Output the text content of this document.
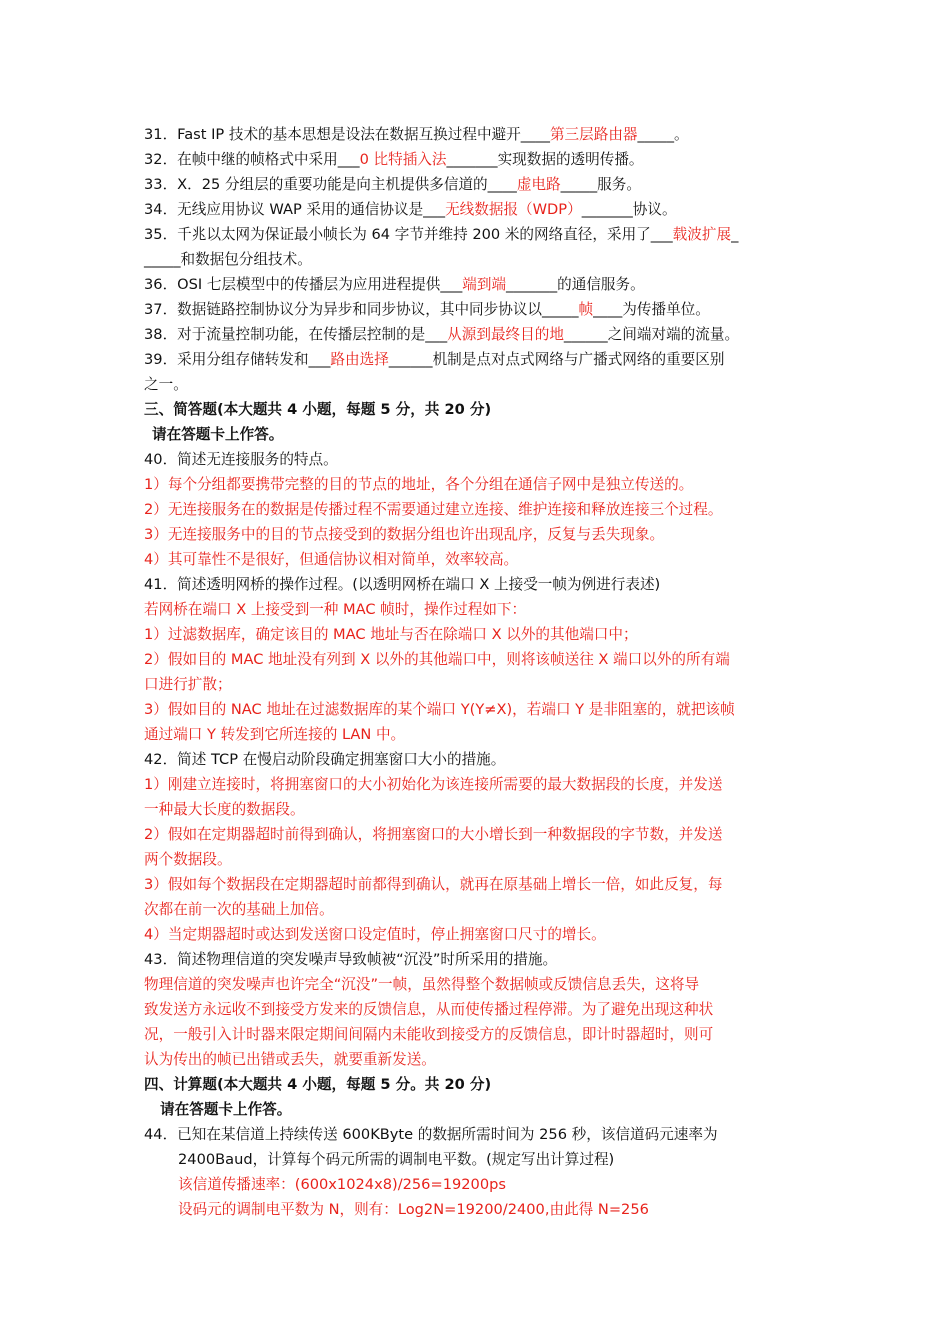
31．Fast IP 技术的基本思想是设法在数据互换过程中避开____第三层路由器_____。
32．在帧中继的帧格式中采用___0 比特插入法_______实现数据的透明传播。
33．X．25 分组层的重要功能是向主机提供多信道的____虚电路_____服务。
34．无线应用协议 WAP 采用的通信协议是___无线数据报（WDP）_______协议。
35．千兆以太网为保证最小帧长为 64 字节并维持 200 米的网络直径，采用了___载波扩展_
_____和数据包分组技术。
36．OSI 七层模型中的传播层为应用进程提供___端到端_______的通信服务。
37．数据链路控制协议分为异步和同步协议，其中同步协议以_____帧____为传播单位。
38．对于流量控制功能，在传播层控制的是___从源到最终目的地______之间端对端的流量。
39．采用分组存储转发和___路由选择______机制是点对点式网络与广播式网络的重要区别
之一。
三、简答题(本大题共 4 小题，每题 5 分，共 20 分)
请在答题卡上作答。
40．简述无连接服务的特点。
1）每个分组都要携带完整的目的节点的地址，各个分组在通信子网中是独立传送的。
2）无连接服务在的数据是传播过程不需要通过建立连接、维护连接和释放连接三个过程。
3）无连接服务中的目的节点接受到的数据分组也许出现乱序，反复与丢失现象。
4）其可靠性不是很好，但通信协议相对简单，效率较高。
41．简述透明网桥的操作过程。(以透明网桥在端口 X 上接受一帧为例进行表述)
若网桥在端口 X 上接受到一种 MAC 帧时，操作过程如下：
1）过滤数据库，确定该目的 MAC 地址与否在除端口 X 以外的其他端口中；
2）假如目的 MAC 地址没有列到 X 以外的其他端口中，则将该帧送往 X 端口以外的所有端
口进行扩散；
3）假如目的 NAC 地址在过滤数据库的某个端口 Y(Y≠X)，若端口 Y 是非阻塞的，就把该帧
通过端口 Y 转发到它所连接的 LAN 中。
42．简述 TCP 在慢启动阶段确定拥塞窗口大小的措施。
1）刚建立连接时，将拥塞窗口的大小初始化为该连接所需要的最大数据段的长度，并发送
一种最大长度的数据段。
2）假如在定期器超时前得到确认，将拥塞窗口的大小增长到一种数据段的字节数，并发送
两个数据段。
3）假如每个数据段在定期器超时前都得到确认，就再在原基础上增长一倍，如此反复，每
次都在前一次的基础上加倍。
4）当定期器超时或达到发送窗口设定值时，停止拥塞窗口尺寸的增长。
43．简述物理信道的突发噪声导致帧被“沉没”时所采用的措施。
物理信道的突发噪声也许完全“沉没”一帧，虽然得整个数据帧或反馈信息丢失，这将导
致发送方永远收不到接受方发来的反馈信息，从而使传播过程停滞。为了避免出现这种状
况，一般引入计时器来限定期间间隔内未能收到接受方的反馈信息，即计时器超时，则可
认为传出的帧已出错或丢失，就要重新发送。
四、计算题(本大题共 4 小题，每题 5 分。共 20 分)
请在答题卡上作答。
44．已知在某信道上持续传送 600KByte 的数据所需时间为 256 秒，该信道码元速率为
2400Baud，计算每个码元所需的调制电平数。(规定写出计算过程)
该信道传播速率：(600x1024x8)/256=19200ps
设码元的调制电平数为 N，则有：Log2N=19200/2400,由此得 N=256
